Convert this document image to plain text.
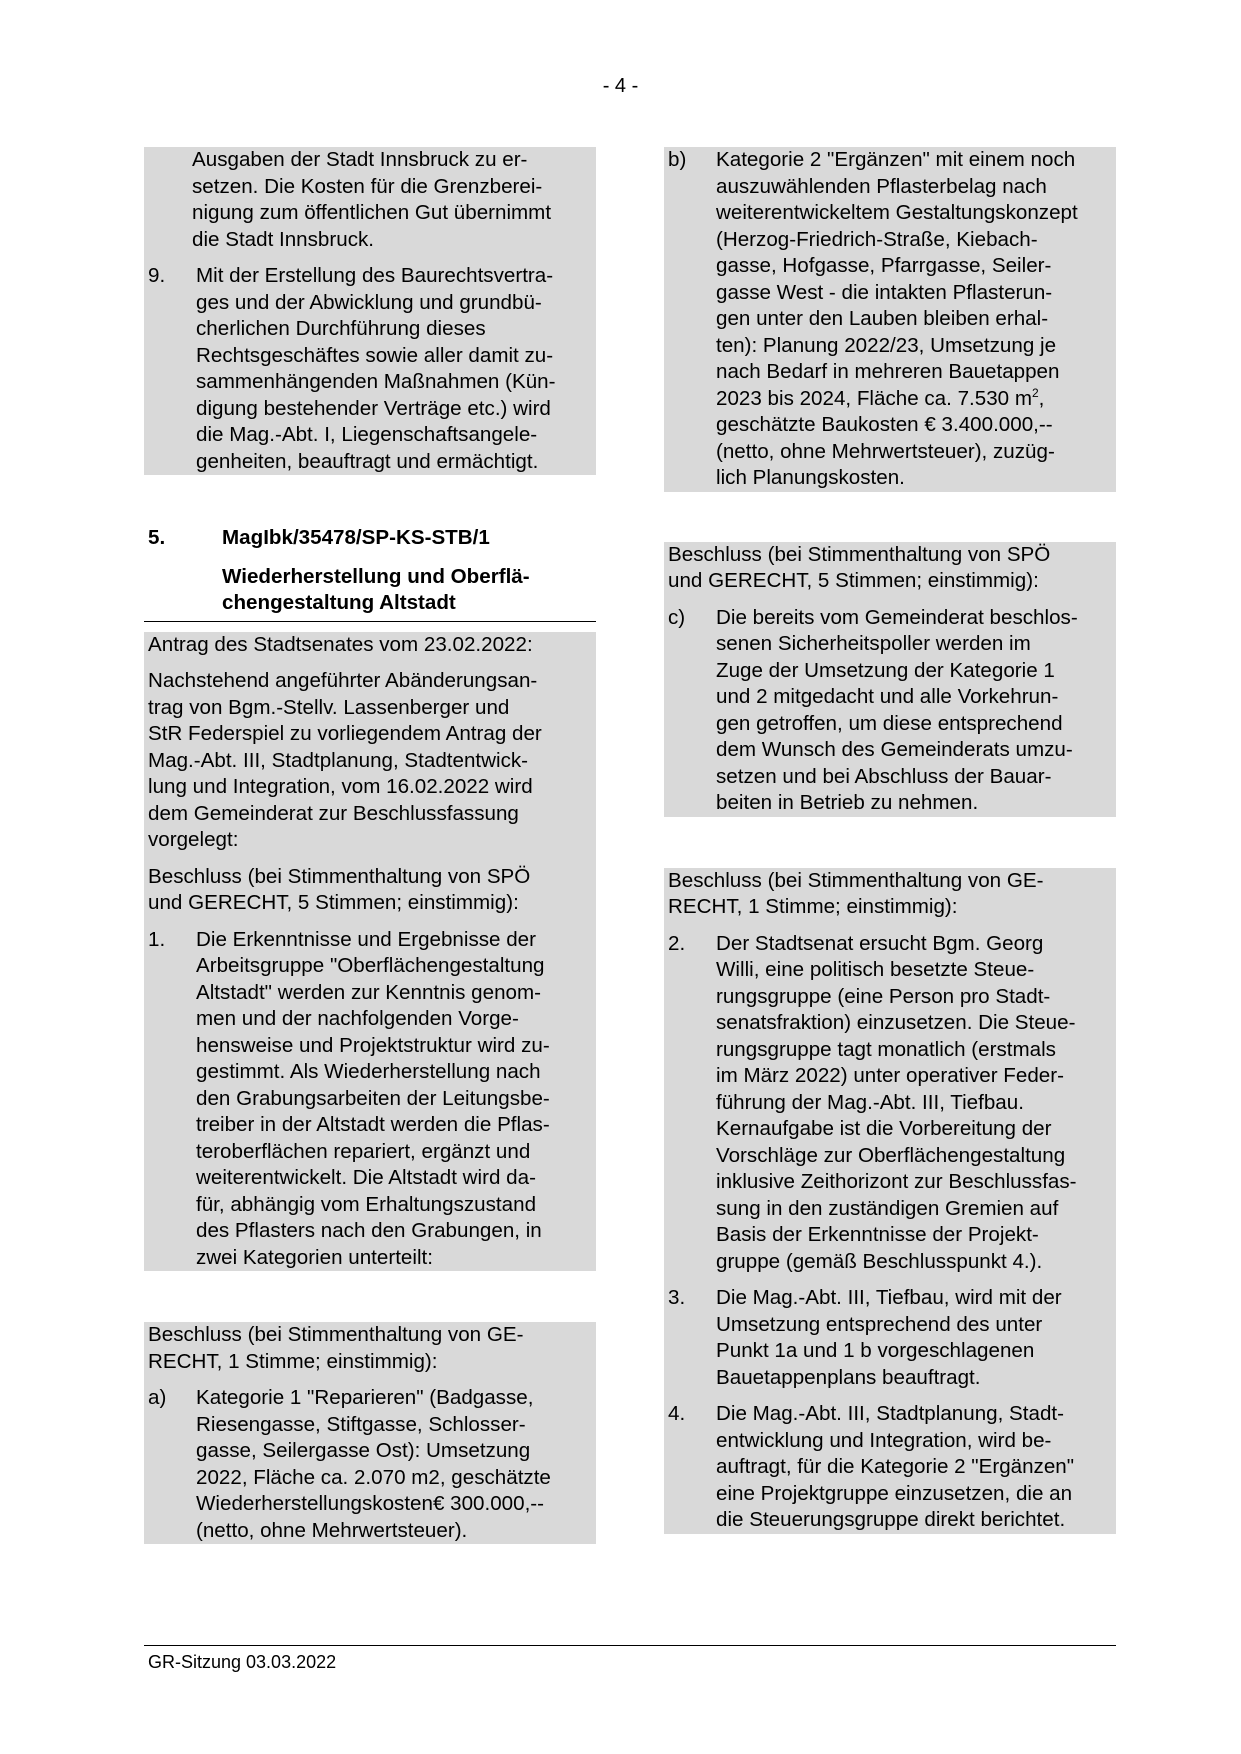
- 4 -
Ausgaben der Stadt Innsbruck zu er-
setzen. Die Kosten für die Grenzberei-
nigung zum öffentlichen Gut übernimmt
die Stadt Innsbruck.
9.	Mit der Erstellung des Baurechtsvertra-
ges und der Abwicklung und grundbü-
cherlichen Durchführung dieses
Rechtsgeschäftes sowie aller damit zu-
sammenhängenden Maßnahmen (Kün-
digung bestehender Verträge etc.) wird
die Mag.-Abt. I, Liegenschaftsangele-
genheiten, beauftragt und ermächtigt.
5.	MagIbk/35478/SP-KS-STB/1
Wiederherstellung und Oberflä-
chengestaltung Altstadt
Antrag des Stadtsenates vom 23.02.2022:
Nachstehend angeführter Abänderungsan-
trag von Bgm.-Stellv. Lassenberger und
StR Federspiel zu vorliegendem Antrag der
Mag.-Abt. III, Stadtplanung, Stadtentwick-
lung und Integration, vom 16.02.2022 wird
dem Gemeinderat zur Beschlussfassung
vorgelegt:
Beschluss (bei Stimmenthaltung von SPÖ
und GERECHT, 5 Stimmen; einstimmig):
1.	Die Erkenntnisse und Ergebnisse der
Arbeitsgruppe "Oberflächengestaltung
Altstadt" werden zur Kenntnis genom-
men und der nachfolgenden Vorge-
hensweise und Projektstruktur wird zu-
gestimmt. Als Wiederherstellung nach
den Grabungsarbeiten der Leitungsbe-
treiber in der Altstadt werden die Pflas-
teroberflächen repariert, ergänzt und
weiterentwickelt. Die Altstadt wird da-
für, abhängig vom Erhaltungszustand
des Pflasters nach den Grabungen, in
zwei Kategorien unterteilt:
Beschluss (bei Stimmenthaltung von GE-
RECHT, 1 Stimme; einstimmig):
a)	Kategorie 1 "Reparieren" (Badgasse,
Riesengasse, Stiftgasse, Schlosser-
gasse, Seilergasse Ost): Umsetzung
2022, Fläche ca. 2.070 m2, geschätzte
Wiederherstellungskosten€ 300.000,--
(netto, ohne Mehrwertsteuer).
b)	Kategorie 2 "Ergänzen" mit einem noch
auszuwählenden Pflasterbelag nach
weiterentwickeltem Gestaltungskonzept
(Herzog-Friedrich-Straße, Kiebach-
gasse, Hofgasse, Pfarrgasse, Seiler-
gasse West - die intakten Pflasterun-
gen unter den Lauben bleiben erhal-
ten): Planung 2022/23, Umsetzung je
nach Bedarf in mehreren Bauetappen
2023 bis 2024, Fläche ca. 7.530 $m^2$,
geschätzte Baukosten € 3.400.000,--
(netto, ohne Mehrwertsteuer), zuzüg-
lich Planungskosten.
Beschluss (bei Stimmenthaltung von SPÖ
und GERECHT, 5 Stimmen; einstimmig):
c)	Die bereits vom Gemeinderat beschlos-
senen Sicherheitspoller werden im
Zuge der Umsetzung der Kategorie 1
und 2 mitgedacht und alle Vorkehrun-
gen getroffen, um diese entsprechend
dem Wunsch des Gemeinderats umzu-
setzen und bei Abschluss der Bauar-
beiten in Betrieb zu nehmen.
Beschluss (bei Stimmenthaltung von GE-
RECHT, 1 Stimme; einstimmig):
2.	Der Stadtsenat ersucht Bgm. Georg
Willi, eine politisch besetzte Steue-
rungsgruppe (eine Person pro Stadt-
senatsfraktion) einzusetzen. Die Steue-
rungsgruppe tagt monatlich (erstmals
im März 2022) unter operativer Feder-
führung der Mag.-Abt. III, Tiefbau.
Kernaufgabe ist die Vorbereitung der
Vorschläge zur Oberflächengestaltung
inklusive Zeithorizont zur Beschlussfas-
sung in den zuständigen Gremien auf
Basis der Erkenntnisse der Projekt-
gruppe (gemäß Beschlusspunkt 4.).
3.	Die Mag.-Abt. III, Tiefbau, wird mit der
Umsetzung entsprechend des unter
Punkt 1a und 1 b vorgeschlagenen
Bauetappenplans beauftragt.
4.	Die Mag.-Abt. III, Stadtplanung, Stadt-
entwicklung und Integration, wird be-
auftragt, für die Kategorie 2 "Ergänzen"
eine Projektgruppe einzusetzen, die an
die Steuerungsgruppe direkt berichtet.
GR-Sitzung 03.03.2022
